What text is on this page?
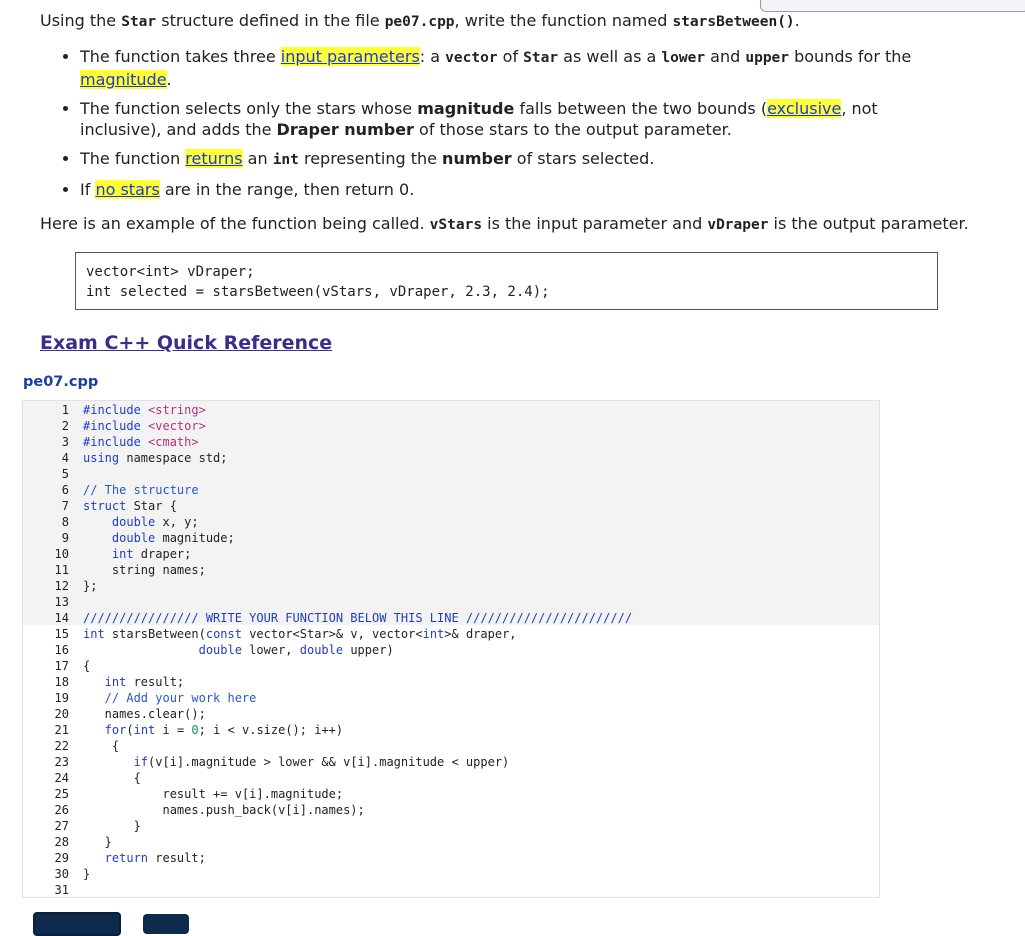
Using the Star structure defined in the file pe07.cpp, write the function named starsBetween().
• The function takes three input parameters: a vector of Star as well as a lower and upper bounds for the magnitude.
• The function selects only the stars whose magnitude falls between the two bounds (exclusive, not inclusive), and adds the Draper number of those stars to the output parameter.
• The function returns an int representing the number of stars selected.
• If no stars are in the range, then return 0.
Here is an example of the function being called. vStars is the input parameter and vDraper is the output parameter.
vector<int> vDraper;
int selected = starsBetween(vStars, vDraper, 2.3, 2.4);
Exam C++ Quick Reference
pe07.cpp
1
2
3
4
5
6
7
8
9
10
11
12
13
14
15
16
17
18
19
20
21
22
23
24
25
26
27
28
29
30
31
#include <string>
#include <vector>
#include <cmath>
using namespace std;
// The structure
struct Star {
double x, y;
double magnitude;
int draper;
string names;
};
//////////////// WRITE YOUR FUNCTION BELOW THIS LINE ///////////////////////
int starsBetween(const vector<Star>& v, vector<int>& draper,
double lower, double upper)
{
int result;
// Add your work here
names.clear();
for(int i = 0; i < v.size(); i++)
{
if(v[i].magnitude > lower && v[i].magnitude < upper)
{
result += v[i].magnitude;
names.push_back(v[i].names);
}
}
return result;
}
